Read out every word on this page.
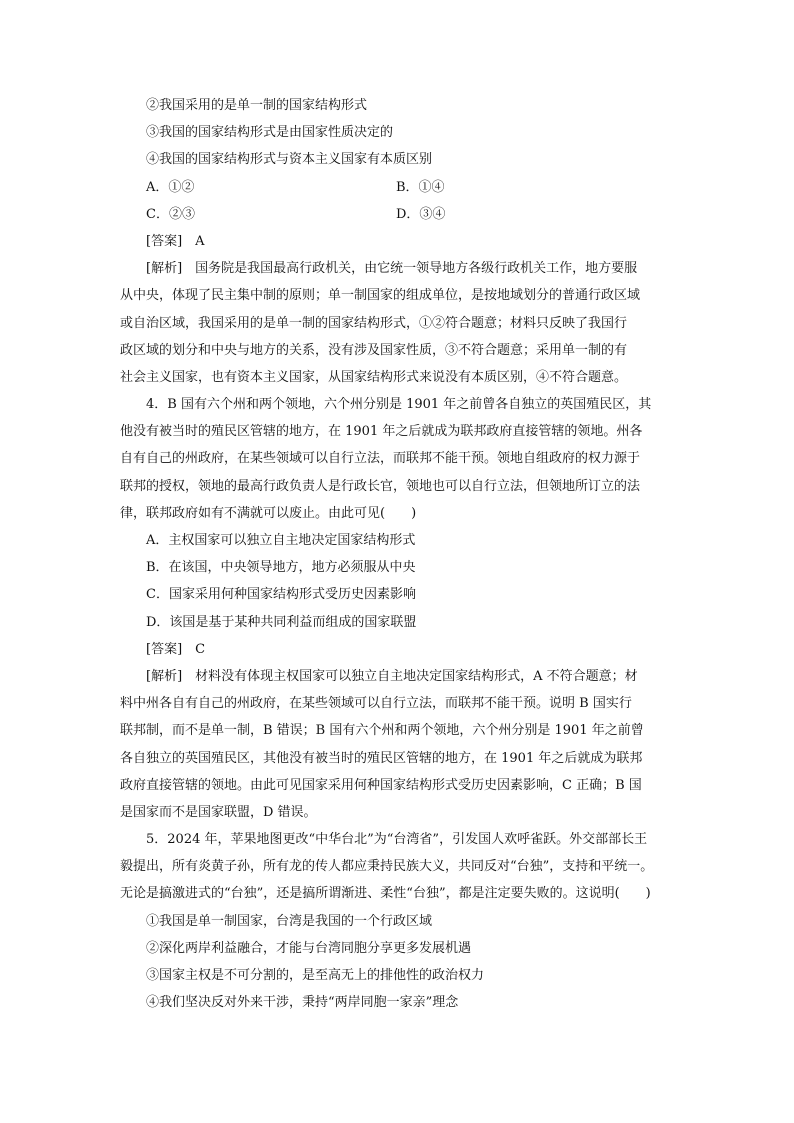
②我国采用的是单一制的国家结构形式
③我国的国家结构形式是由国家性质决定的
④我国的国家结构形式与资本主义国家有本质区别
A．①②	B．①④
C．②③	D．③④
[答案]　A
[解析]　国务院是我国最高行政机关，由它统一领导地方各级行政机关工作，地方要服
从中央，体现了民主集中制的原则；单一制国家的组成单位，是按地域划分的普通行政区域
或自治区域，我国采用的是单一制的国家结构形式，①②符合题意；材料只反映了我国行
政区域的划分和中央与地方的关系，没有涉及国家性质，③不符合题意；采用单一制的有
社会主义国家，也有资本主义国家，从国家结构形式来说没有本质区别，④不符合题意。
4．B 国有六个州和两个领地，六个州分别是 1901 年之前曾各自独立的英国殖民区，其
他没有被当时的殖民区管辖的地方，在 1901 年之后就成为联邦政府直接管辖的领地。州各
自有自己的州政府，在某些领域可以自行立法，而联邦不能干预。领地自组政府的权力源于
联邦的授权，领地的最高行政负责人是行政长官，领地也可以自行立法，但领地所订立的法
律，联邦政府如有不满就可以废止。由此可见(　　)
A．主权国家可以独立自主地决定国家结构形式
B．在该国，中央领导地方，地方必须服从中央
C．国家采用何种国家结构形式受历史因素影响
D．该国是基于某种共同利益而组成的国家联盟
[答案]　C
[解析]　材料没有体现主权国家可以独立自主地决定国家结构形式，A 不符合题意；材
料中州各自有自己的州政府，在某些领域可以自行立法，而联邦不能干预。说明 B 国实行
联邦制，而不是单一制，B 错误；B 国有六个州和两个领地，六个州分别是 1901 年之前曾
各自独立的英国殖民区，其他没有被当时的殖民区管辖的地方，在 1901 年之后就成为联邦
政府直接管辖的领地。由此可见国家采用何种国家结构形式受历史因素影响，C 正确；B 国
是国家而不是国家联盟，D 错误。
5．2024 年，苹果地图更改“中华台北”为“台湾省”，引发国人欢呼雀跃。外交部部长王
毅提出，所有炎黄子孙，所有龙的传人都应秉持民族大义，共同反对“台独”，支持和平统一。
无论是搞激进式的“台独”，还是搞所谓渐进、柔性“台独”，都是注定要失败的。这说明(　　)
①我国是单一制国家，台湾是我国的一个行政区域
②深化两岸利益融合，才能与台湾同胞分享更多发展机遇
③国家主权是不可分割的，是至高无上的排他性的政治权力
④我们坚决反对外来干涉，秉持“两岸同胞一家亲”理念
